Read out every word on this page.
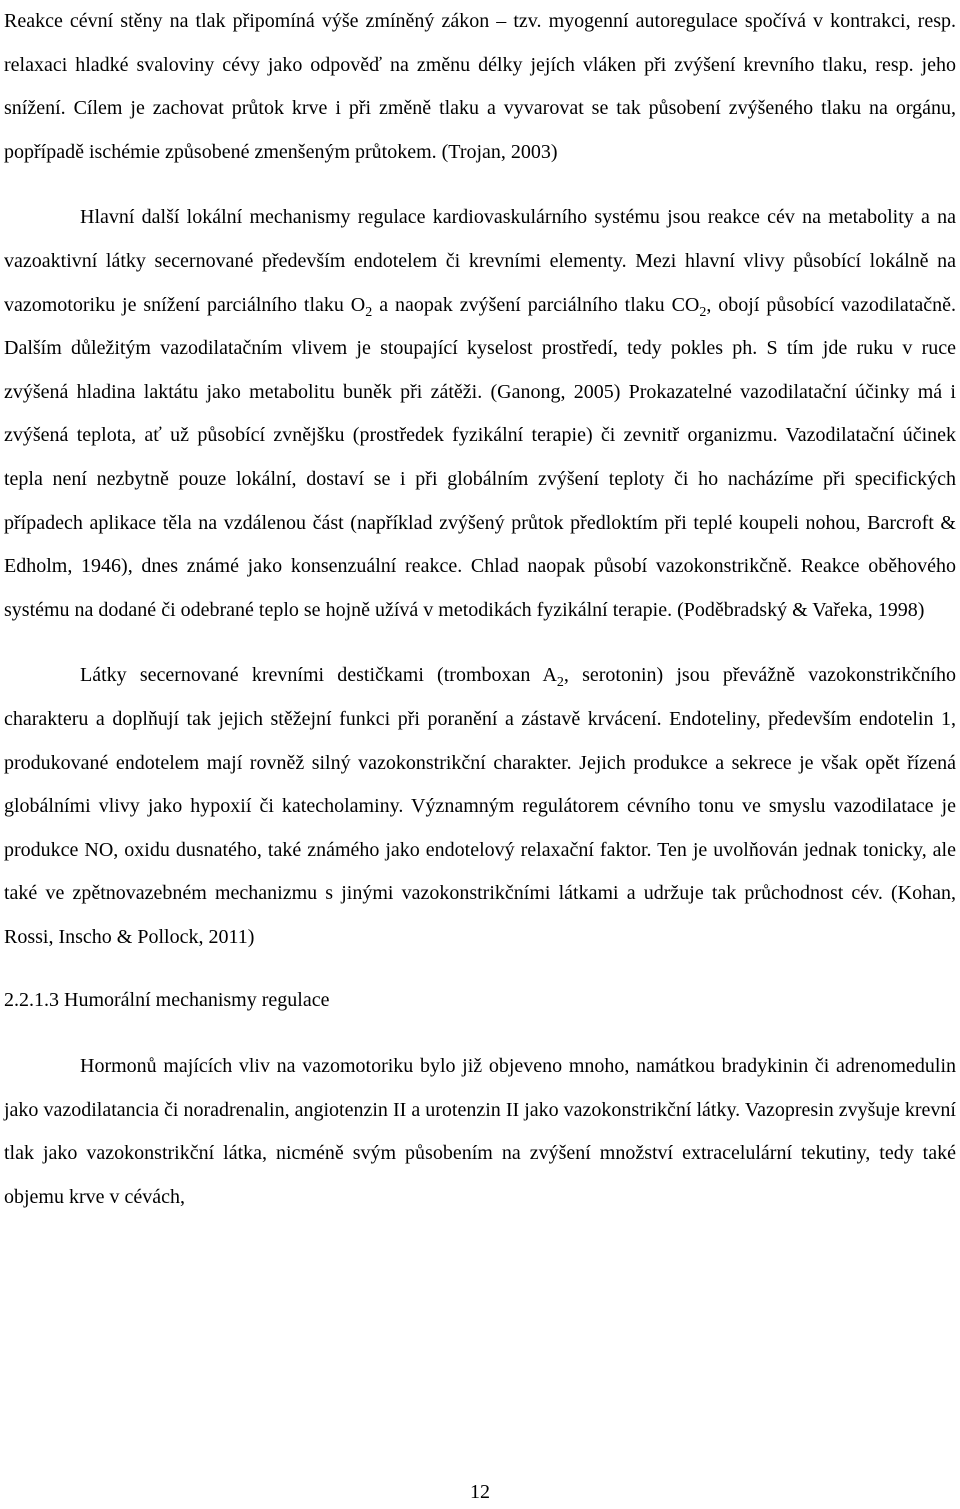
Reakce cévní stěny na tlak připomíná výše zmíněný zákon – tzv. myogenní autoregulace spočívá v kontrakci, resp. relaxaci hladké svaloviny cévy jako odpověď na změnu délky jejích vláken při zvýšení krevního tlaku, resp. jeho snížení. Cílem je zachovat průtok krve i při změně tlaku a vyvarovat se tak působení zvýšeného tlaku na orgánu, popřípadě ischémie způsobené zmenšeným průtokem. (Trojan, 2003)

Hlavní další lokální mechanismy regulace kardiovaskulárního systému jsou reakce cév na metabolity a na vazoaktivní látky secernované především endotelem či krevními elementy. Mezi hlavní vlivy působící lokálně na vazomotoriku je snížení parciálního tlaku $O_2$ a naopak zvýšení parciálního tlaku $CO_2$, obojí působící vazodilatačně. Dalším důležitým vazodilatačním vlivem je stoupající kyselost prostředí, tedy pokles ph. S tím jde ruku v ruce zvýšená hladina laktátu jako metabolitu buněk při zátěži. (Ganong, 2005) Prokazatelné vazodilatační účinky má i zvýšená teplota, ať už působící zvnějšku (prostředek fyzikální terapie) či zevnitř organizmu. Vazodilatační účinek tepla není nezbytně pouze lokální, dostaví se i při globálním zvýšení teploty či ho nacházíme při specifických případech aplikace těla na vzdálenou část (například zvýšený průtok předloktím při teplé koupeli nohou, Barcroft & Edholm, 1946), dnes známé jako konsenzuální reakce. Chlad naopak působí vazokonstrikčně. Reakce oběhového systému na dodané či odebrané teplo se hojně užívá v metodikách fyzikální terapie. (Poděbradský & Vařeka, 1998)

Látky secernované krevními destičkami (tromboxan $A_2$, serotonin) jsou převážně vazokonstrikčního charakteru a doplňují tak jejich stěžejní funkci při poranění a zástavě krvácení. Endoteliny, především endotelin 1, produkované endotelem mají rovněž silný vazokonstrikční charakter. Jejich produkce a sekrece je však opět řízená globálními vlivy jako hypoxií či katecholaminy. Významným regulátorem cévního tonu ve smyslu vazodilatace je produkce NO, oxidu dusnatého, také známého jako endotelový relaxační faktor. Ten je uvolňován jednak tonicky, ale také ve zpětnovazebném mechanizmu s jinými vazokonstrikčními látkami a udržuje tak průchodnost cév. (Kohan, Rossi, Inscho & Pollock, 2011)

2.2.1.3 Humorální mechanismy regulace

Hormonů majících vliv na vazomotoriku bylo již objeveno mnoho, namátkou bradykinin či adrenomedulin jako vazodilatancia či noradrenalin, angiotenzin II a urotenzin II jako vazokonstrikční látky. Vazopresin zvyšuje krevní tlak jako vazokonstrikční látka, nicméně svým působením na zvýšení množství extracelulární tekutiny, tedy také objemu krve v cévách,

12
